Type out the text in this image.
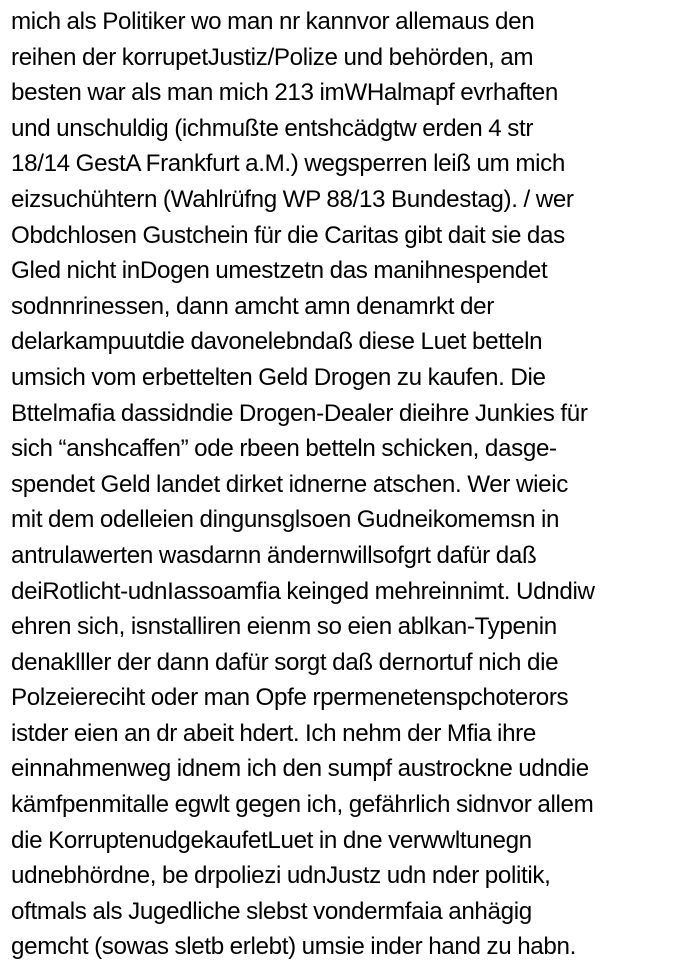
mich als Politiker wo man nr kannvor allemaus den
reihen der korrupetJustiz/Polize und behörden, am
besten war als man mich 213 imWHalmapf evrhaften
und unschuldig (ichmußte entshcädgtw erden 4 str
18/14 GestA Frankfurt a.M.) wegsperren leiß um mich
eizsuchühtern (Wahlrüfng WP 88/13 Bundestag). / wer
Obdchlosen Gustchein für die Caritas gibt dait sie das
Gled nicht inDogen umestzetn das manihnespendet
sodnnrinessen, dann amcht amn denamrkt der
delarkampuutdie davonelebndaß diese Luet betteln
umsich vom erbettelten Geld Drogen zu kaufen. Die
Bttelmafia dassidndie Drogen-Dealer dieihre Junkies für
sich “anshcaffen” ode rbeen betteln schicken, dasge-
spendet Geld landet dirket idnerne atschen. Wer wieic
mit dem odelleien dingunsglsoen Gudneikomemsn in
antrulawerten wasdarnn ändernwillsofgrt dafür daß
deiRotlicht-udnIassoamfia keinged mehreinnimt. Udndiw
ehren sich, isnstalliren eienm so eien ablkan-Typenin
denaklller der dann dafür sorgt daß dernortuf nich die
Polzeiereciht oder man Opfe rpermenetenspchoterors
istder eien an dr abeit hdert. Ich nehm der Mfia ihre
einnahmenweg idnem ich den sumpf austrockne udndie
kämfpenmitalle egwlt gegen ich, gefährlich sidnvor allem
die KorruptenudgekaufetLuet in dne verwwltunegn
udnebhördne, be drpoliezi udnJustz udn nder politik,
oftmals als Jugedliche slebst vondermfaia anhägig
gemcht (sowas sletb erlebt) umsie inder hand zu habn.
